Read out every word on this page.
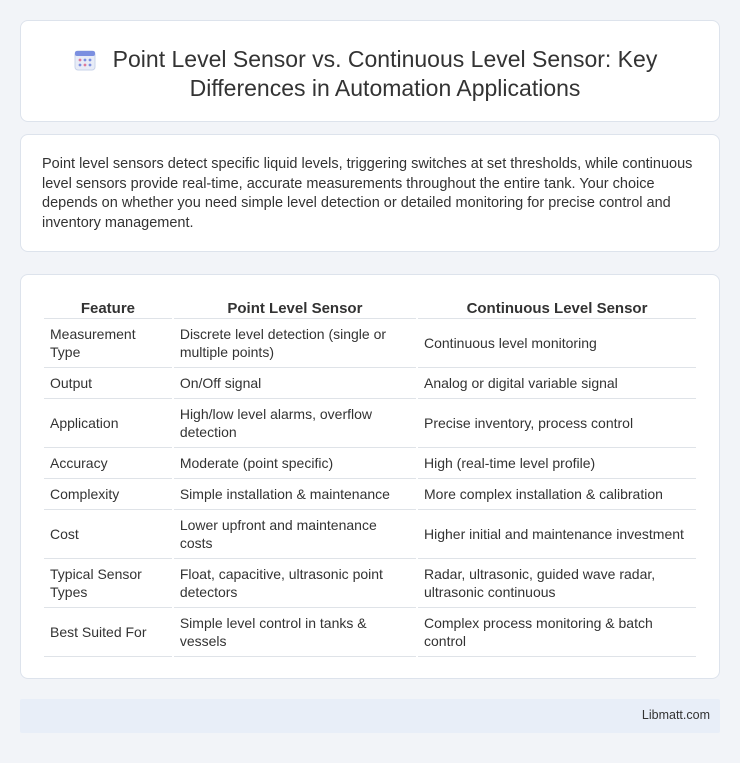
Point Level Sensor vs. Continuous Level Sensor: Key Differences in Automation Applications

Point level sensors detect specific liquid levels, triggering switches at set thresholds, while continuous level sensors provide real-time, accurate measurements throughout the entire tank. Your choice depends on whether you need simple level detection or detailed monitoring for precise control and inventory management.

Feature	Point Level Sensor	Continuous Level Sensor
Measurement Type	Discrete level detection (single or multiple points)	Continuous level monitoring
Output	On/Off signal	Analog or digital variable signal
Application	High/low level alarms, overflow detection	Precise inventory, process control
Accuracy	Moderate (point specific)	High (real-time level profile)
Complexity	Simple installation & maintenance	More complex installation & calibration
Cost	Lower upfront and maintenance costs	Higher initial and maintenance investment
Typical Sensor Types	Float, capacitive, ultrasonic point detectors	Radar, ultrasonic, guided wave radar, ultrasonic continuous
Best Suited For	Simple level control in tanks & vessels	Complex process monitoring & batch control
Libmatt.com
